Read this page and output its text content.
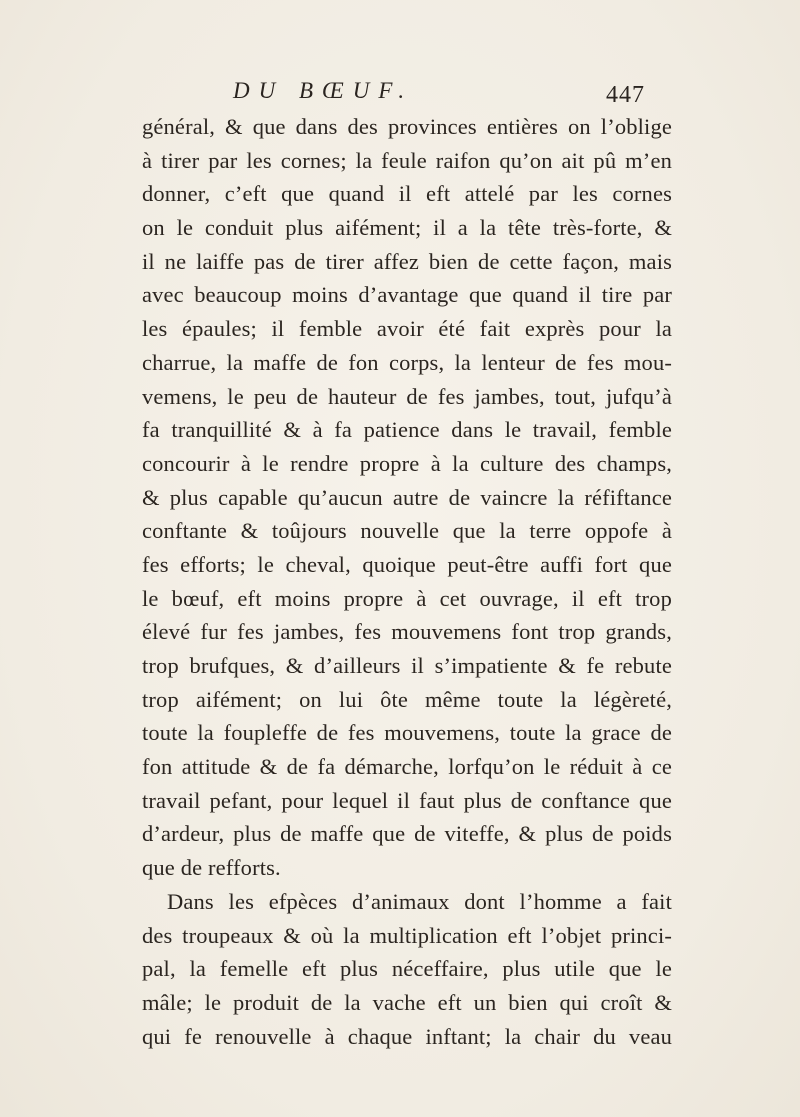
DU BŒUF.	447
général, & que dans des provinces entières on l’oblige
à tirer par les cornes; la feule raifon qu’on ait pû m’en
donner, c’eft que quand il eft attelé par les cornes
on le conduit plus aifément; il a la tête très-forte, &
il ne laiffe pas de tirer affez bien de cette façon, mais
avec beaucoup moins d’avantage que quand il tire par
les épaules; il femble avoir été fait exprès pour la
charrue, la maffe de fon corps, la lenteur de fes mou-
vemens, le peu de hauteur de fes jambes, tout, jufqu’à
fa tranquillité & à fa patience dans le travail, femble
concourir à le rendre propre à la culture des champs,
& plus capable qu’aucun autre de vaincre la réfiftance
conftante & toûjours nouvelle que la terre oppofe à
fes efforts; le cheval, quoique peut-être auffi fort que
le bœuf, eft moins propre à cet ouvrage, il eft trop
élevé fur fes jambes, fes mouvemens font trop grands,
trop brufques, & d’ailleurs il s’impatiente & fe rebute
trop aifément; on lui ôte même toute la légèreté,
toute la foupleffe de fes mouvemens, toute la grace de
fon attitude & de fa démarche, lorfqu’on le réduit à ce
travail pefant, pour lequel il faut plus de conftance que
d’ardeur, plus de maffe que de viteffe, & plus de poids
que de refforts.
Dans les efpèces d’animaux dont l’homme a fait
des troupeaux & où la multiplication eft l’objet princi-
pal, la femelle eft plus néceffaire, plus utile que le
mâle; le produit de la vache eft un bien qui croît &
qui fe renouvelle à chaque inftant; la chair du veau
